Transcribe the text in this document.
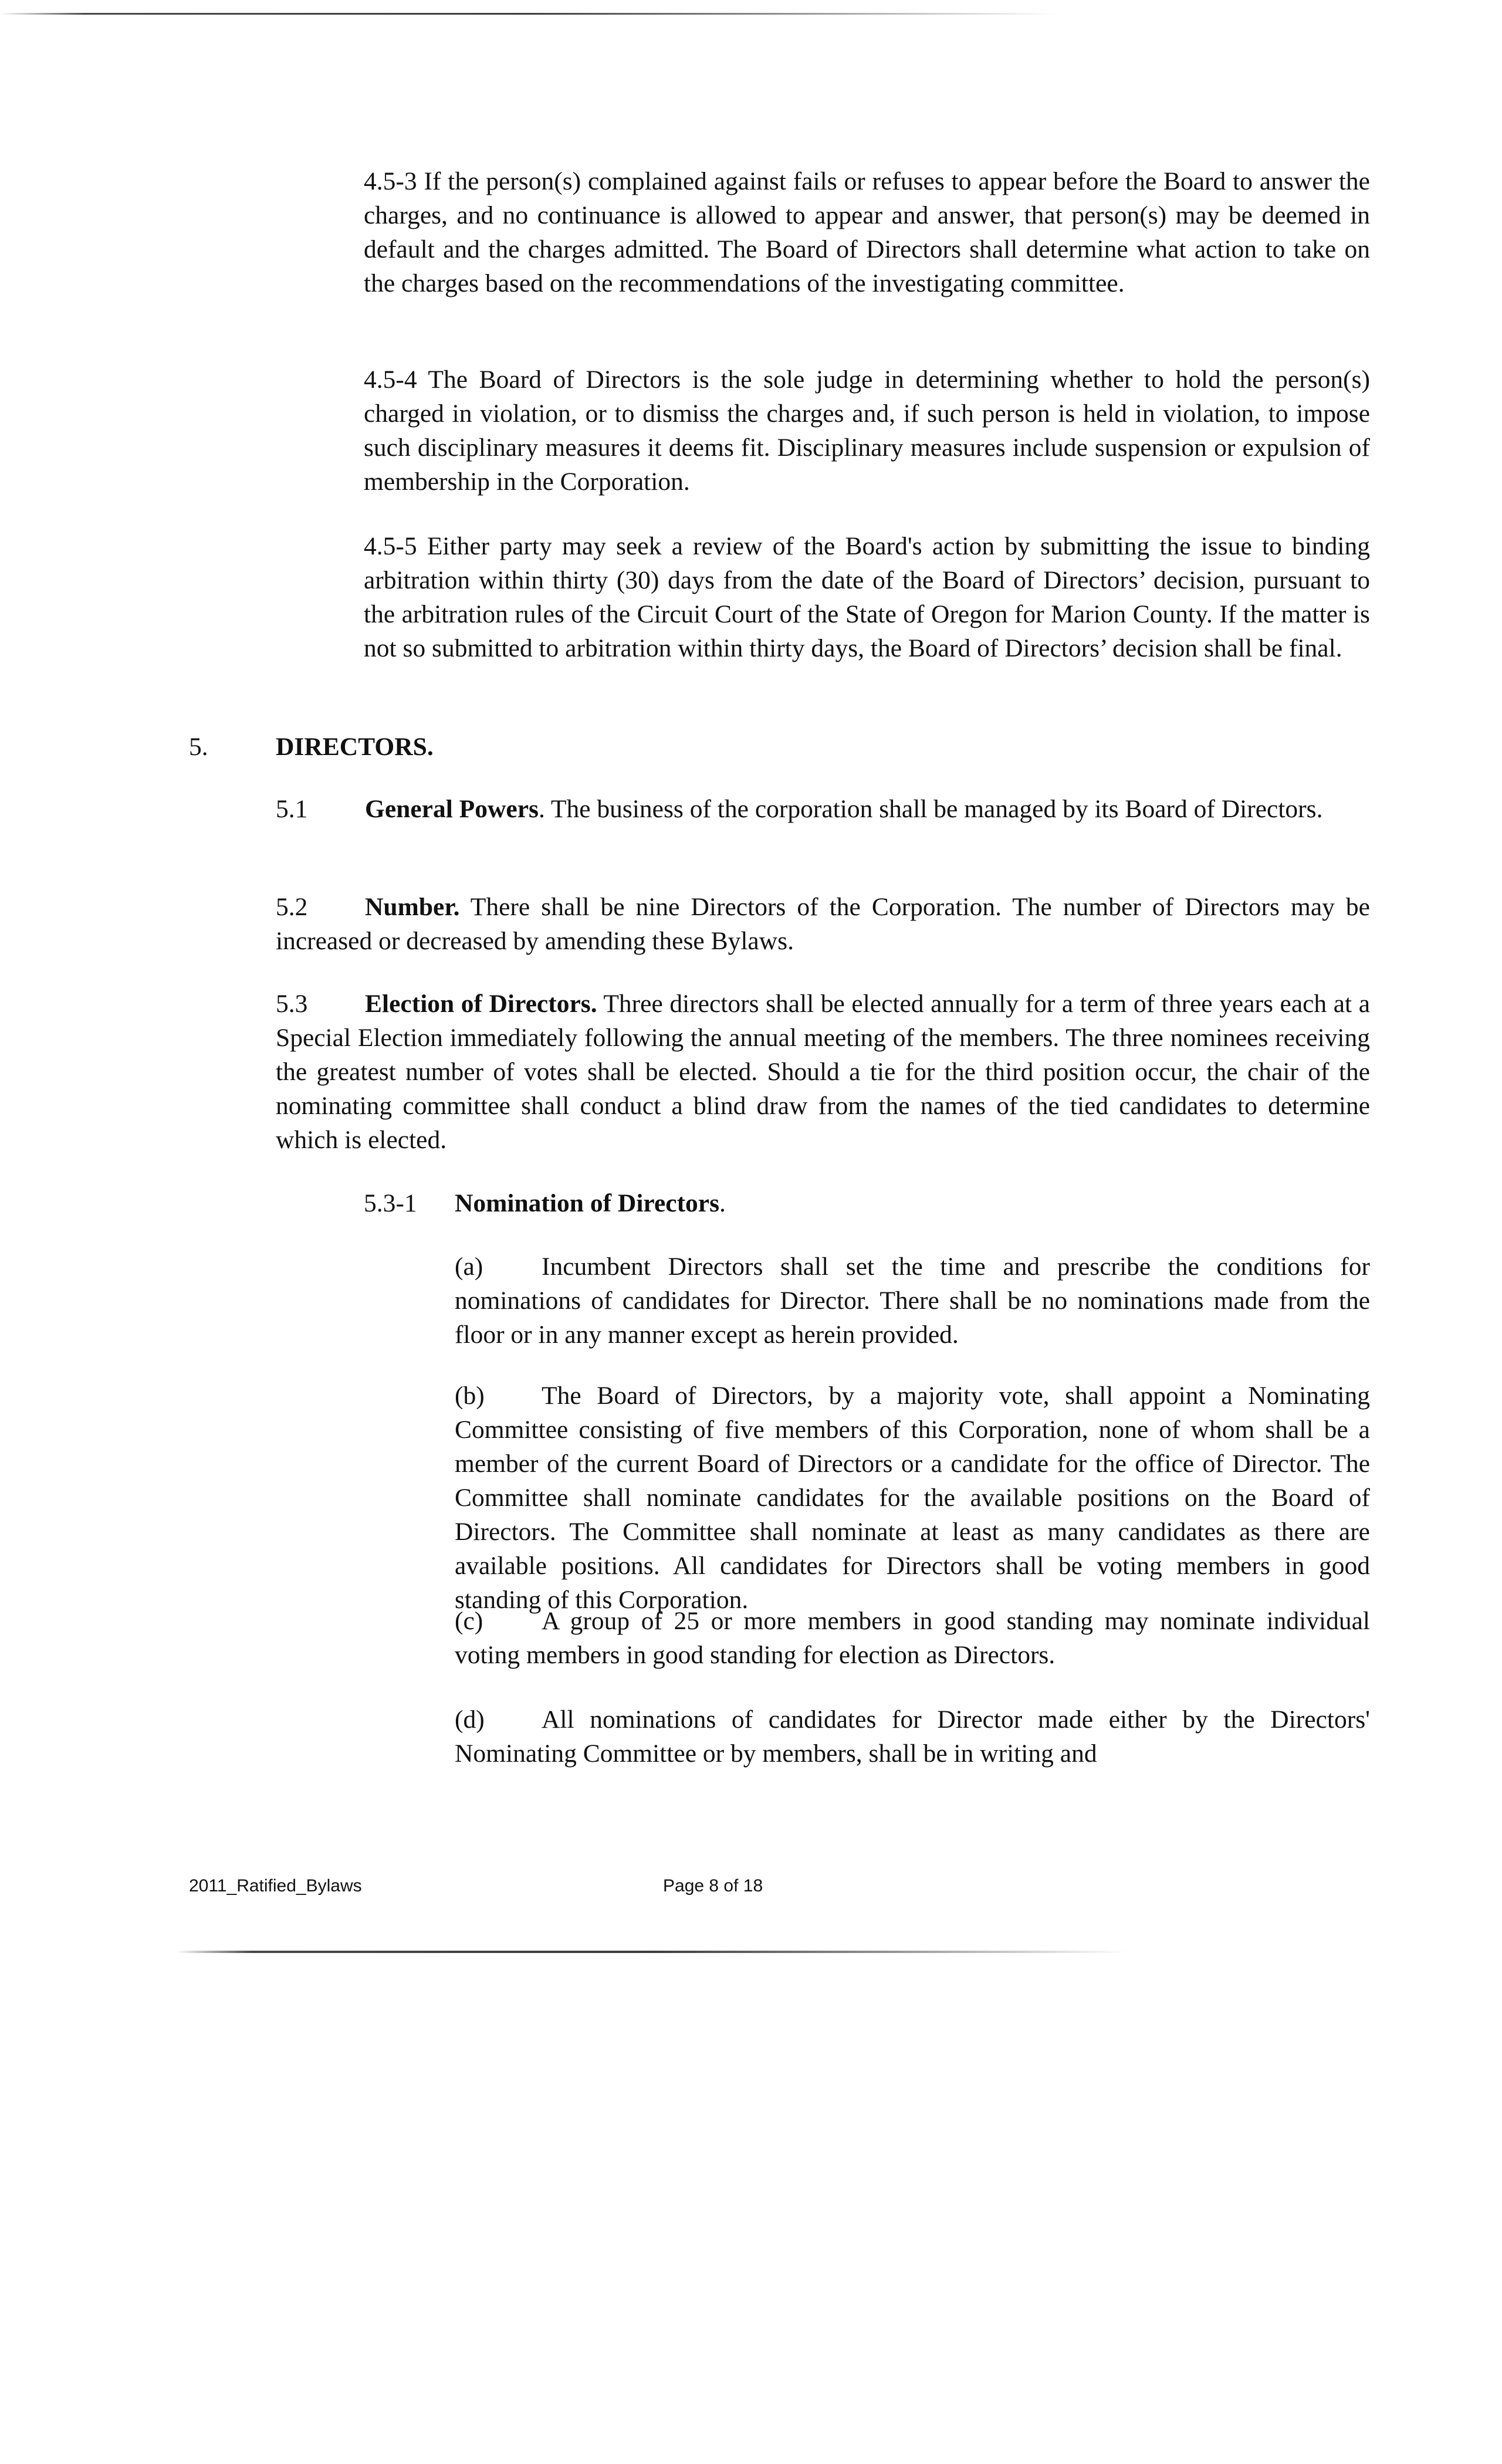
4.5-3 If the person(s) complained against fails or refuses to appear before the Board to answer the charges, and no continuance is allowed to appear and answer, that person(s) may be deemed in default and the charges admitted. The Board of Directors shall determine what action to take on the charges based on the recommendations of the investigating committee.

4.5-4 The Board of Directors is the sole judge in determining whether to hold the person(s) charged in violation, or to dismiss the charges and, if such person is held in violation, to impose such disciplinary measures it deems fit. Disciplinary measures include suspension or expulsion of membership in the Corporation.

4.5-5 Either party may seek a review of the Board's action by submitting the issue to binding arbitration within thirty (30) days from the date of the Board of Directors’ decision, pursuant to the arbitration rules of the Circuit Court of the State of Oregon for Marion County. If the matter is not so submitted to arbitration within thirty days, the Board of Directors’ decision shall be final.

5.	DIRECTORS.

5.1 General Powers. The business of the corporation shall be managed by its Board of Directors.

5.2 Number. There shall be nine Directors of the Corporation. The number of Directors may be increased or decreased by amending these Bylaws.

5.3 Election of Directors. Three directors shall be elected annually for a term of three years each at a Special Election immediately following the annual meeting of the members. The three nominees receiving the greatest number of votes shall be elected. Should a tie for the third position occur, the chair of the nominating committee shall conduct a blind draw from the names of the tied candidates to determine which is elected.

5.3-1 Nomination of Directors.

(a) Incumbent Directors shall set the time and prescribe the conditions for nominations of candidates for Director. There shall be no nominations made from the floor or in any manner except as herein provided.

(b) The Board of Directors, by a majority vote, shall appoint a Nominating Committee consisting of five members of this Corporation, none of whom shall be a member of the current Board of Directors or a candidate for the office of Director. The Committee shall nominate candidates for the available positions on the Board of Directors. The Committee shall nominate at least as many candidates as there are available positions. All candidates for Directors shall be voting members in good standing of this Corporation.

(c) A group of 25 or more members in good standing may nominate individual voting members in good standing for election as Directors.

(d) All nominations of candidates for Director made either by the Directors' Nominating Committee or by members, shall be in writing and

2011_Ratified_Bylaws	Page 8 of 18
